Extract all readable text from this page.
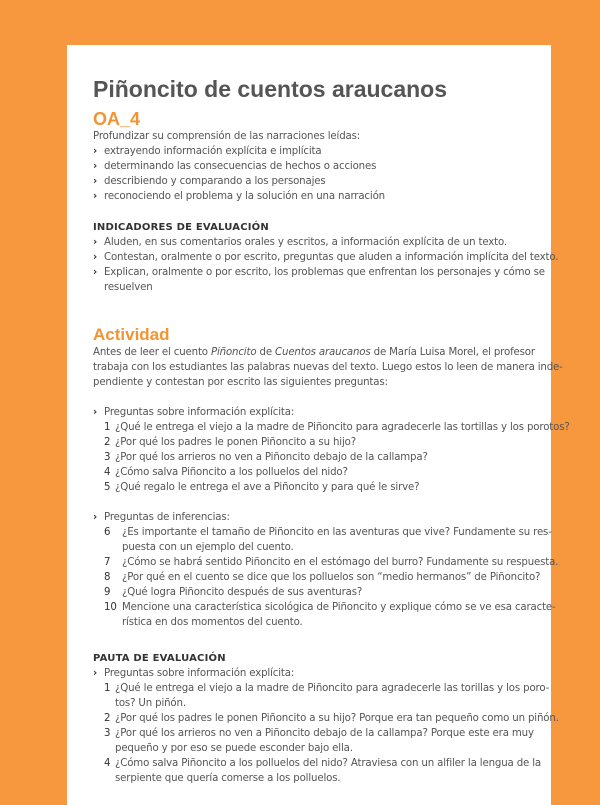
Piñoncito de cuentos araucanos
OA_4
Profundizar su comprensión de las narraciones leídas:
› extrayendo información explícita e implícita
› determinando las consecuencias de hechos o acciones
› describiendo y comparando a los personajes
› reconociendo el problema y la solución en una narración
INDICADORES DE EVALUACIÓN
› Aluden, en sus comentarios orales y escritos, a información explícita de un texto.
› Contestan, oralmente o por escrito, preguntas que aluden a información implícita del texto.
› Explican, oralmente o por escrito, los problemas que enfrentan los personajes y cómo se
resuelven
Actividad
Antes de leer el cuento Piñoncito de Cuentos araucanos de María Luisa Morel, el profesor
trabaja con los estudiantes las palabras nuevas del texto. Luego estos lo leen de manera inde-
pendiente y contestan por escrito las siguientes preguntas:
› Preguntas sobre información explícita:
1 ¿Qué le entrega el viejo a la madre de Piñoncito para agradecerle las tortillas y los porotos?
2 ¿Por qué los padres le ponen Piñoncito a su hijo?
3 ¿Por qué los arrieros no ven a Piñoncito debajo de la callampa?
4 ¿Cómo salva Piñoncito a los polluelos del nido?
5 ¿Qué regalo le entrega el ave a Piñoncito y para qué le sirve?
› Preguntas de inferencias:
6 ¿Es importante el tamaño de Piñoncito en las aventuras que vive? Fundamente su res-
puesta con un ejemplo del cuento.
7 ¿Cómo se habrá sentido Piñoncito en el estómago del burro? Fundamente su respuesta.
8 ¿Por qué en el cuento se dice que los polluelos son “medio hermanos” de Piñoncito?
9 ¿Qué logra Piñoncito después de sus aventuras?
10 Mencione una característica sicológica de Piñoncito y explique cómo se ve esa caracte-
rística en dos momentos del cuento.
PAUTA DE EVALUACIÓN
› Preguntas sobre información explícita:
1 ¿Qué le entrega el viejo a la madre de Piñoncito para agradecerle las torillas y los poro-
tos? Un piñón.
2 ¿Por qué los padres le ponen Piñoncito a su hijo? Porque era tan pequeño como un piñón.
3 ¿Por qué los arrieros no ven a Piñoncito debajo de la callampa? Porque este era muy
pequeño y por eso se puede esconder bajo ella.
4 ¿Cómo salva Piñoncito a los polluelos del nido? Atraviesa con un alfiler la lengua de la
serpiente que quería comerse a los polluelos.
